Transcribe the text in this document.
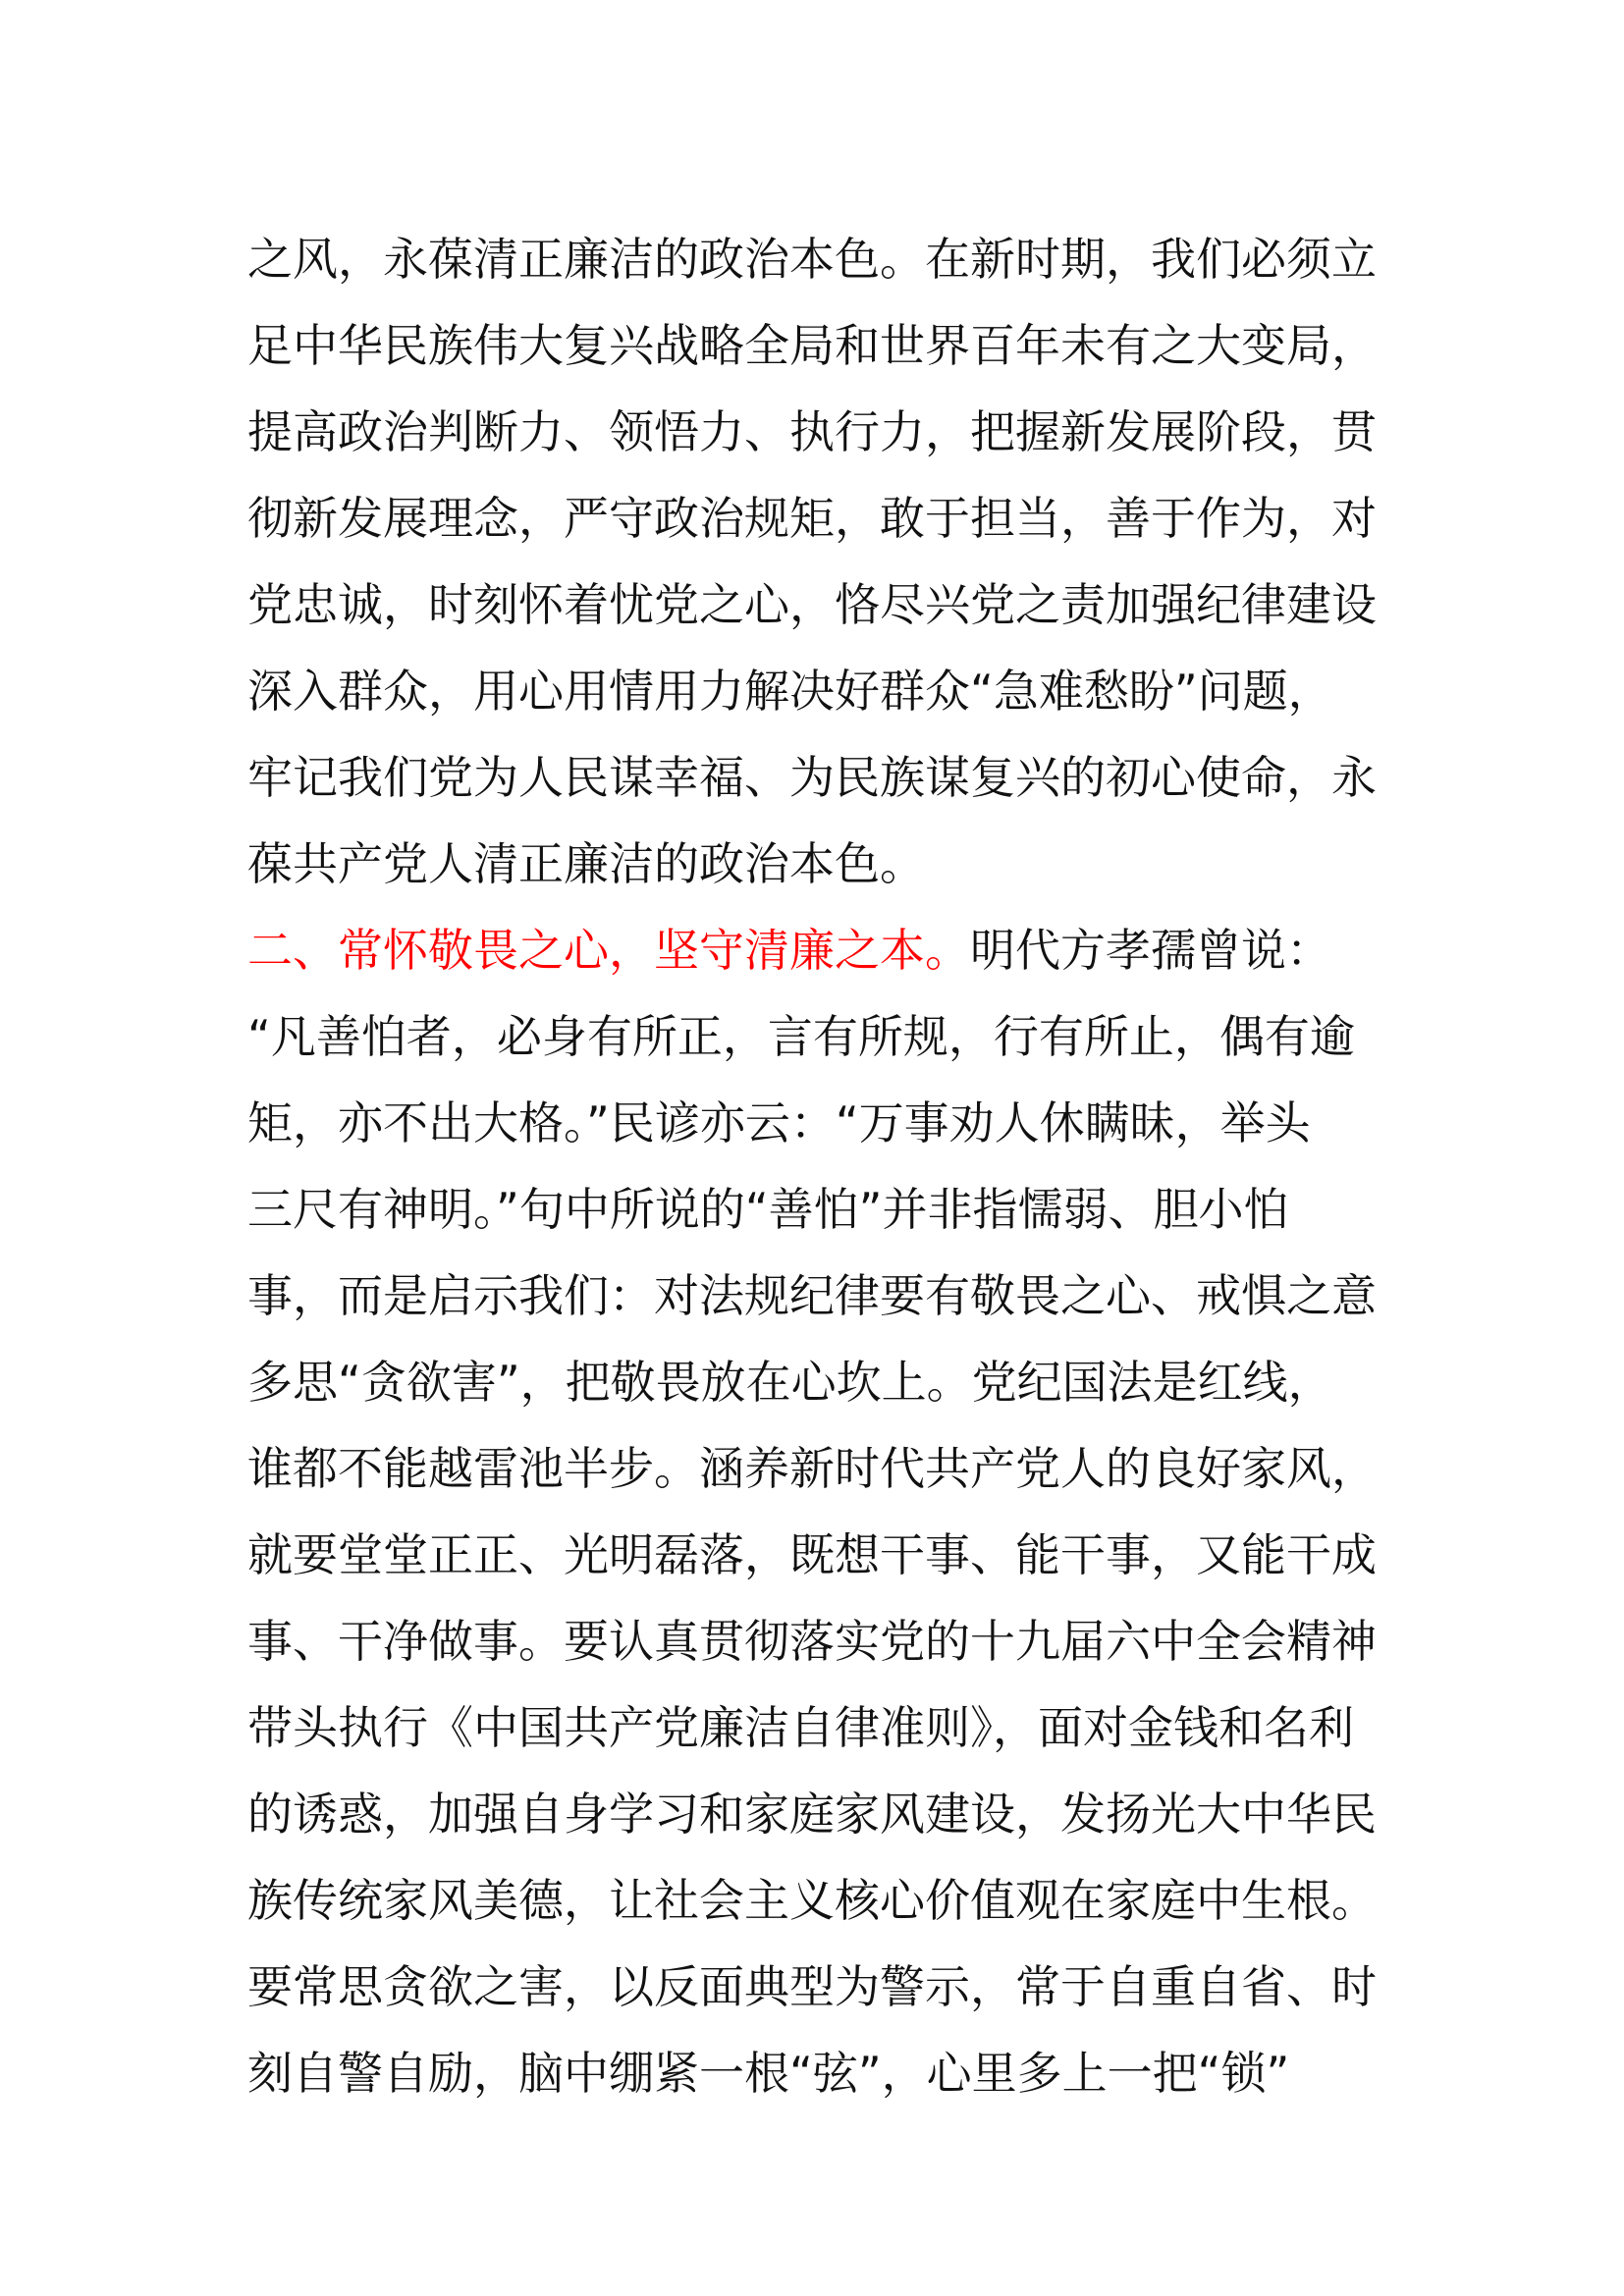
之风，永葆清正廉洁的政治本色。在新时期，我们必须立
足中华民族伟大复兴战略全局和世界百年未有之大变局，
提高政治判断力、领悟力、执行力，把握新发展阶段，贯
彻新发展理念，严守政治规矩，敢于担当，善于作为，对
党忠诚，时刻怀着忧党之心，恪尽兴党之责加强纪律建设
深入群众，用心用情用力解决好群众“急难愁盼”问题，
牢记我们党为人民谋幸福、为民族谋复兴的初心使命，永
葆共产党人清正廉洁的政治本色。
二、常怀敬畏之心，坚守清廉之本。明代方孝孺曾说：
“凡善怕者，必身有所正，言有所规，行有所止，偶有逾
矩，亦不出大格。”民谚亦云：“万事劝人休瞒昧，举头
三尺有神明。”句中所说的“善怕”并非指懦弱、胆小怕
事，而是启示我们：对法规纪律要有敬畏之心、戒惧之意
多思“贪欲害”，把敬畏放在心坎上。党纪国法是红线，
谁都不能越雷池半步。涵养新时代共产党人的良好家风，
就要堂堂正正、光明磊落，既想干事、能干事，又能干成
事、干净做事。要认真贯彻落实党的十九届六中全会精神
带头执行《中国共产党廉洁自律准则》，面对金钱和名利
的诱惑，加强自身学习和家庭家风建设，发扬光大中华民
族传统家风美德，让社会主义核心价值观在家庭中生根。
要常思贪欲之害，以反面典型为警示，常于自重自省、时
刻自警自励，脑中绷紧一根“弦”，心里多上一把“锁”
